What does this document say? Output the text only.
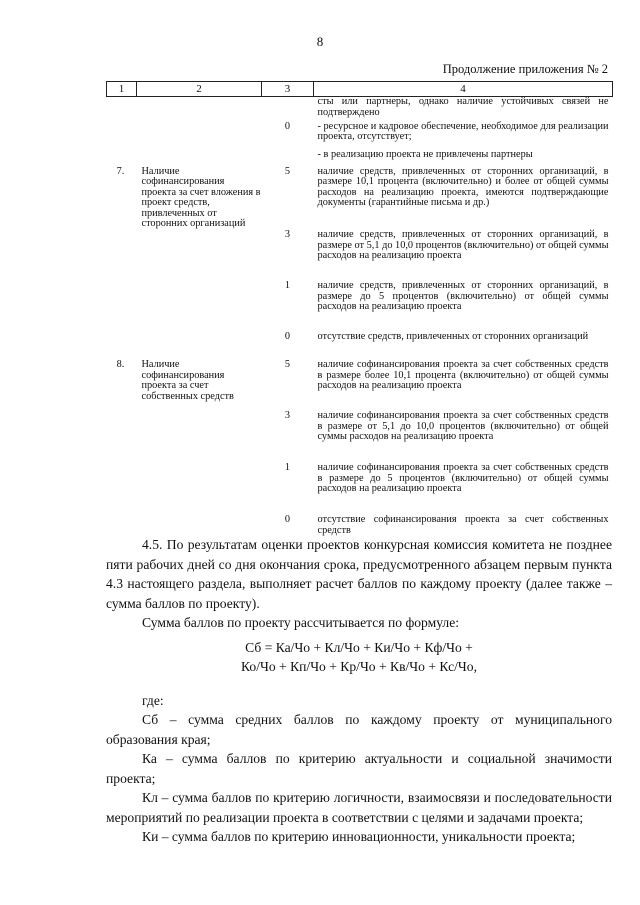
8
Продолжение приложения № 2
1	2	3	4
			сты или партнеры, однако наличие устойчивых связей не подтверждено
		0	- ресурсное и кадровое обеспечение, необходимое для реализации проекта, отсутствует;
			- в реализацию проекта не привлечены партнеры
7.	Наличие софинансирования проекта за счет вложения в проект средств, привлеченных от сторонних организаций	5	наличие средств, привлеченных от сторонних организаций, в размере 10,1 процента (включительно) и более от общей суммы расходов на реализацию проекта, имеются подтверждающие документы (гарантийные письма и др.)
		3	наличие средств, привлеченных от сторонних организаций, в размере от 5,1 до 10,0 процентов (включительно) от общей суммы расходов на реализацию проекта
		1	наличие средств, привлеченных от сторонних организаций, в размере до 5 процентов (включительно) от общей суммы расходов на реализацию проекта
		0	отсутствие средств, привлеченных от сторонних организаций
8.	Наличие софинансирования проекта за счет собственных средств	5	наличие софинансирования проекта за счет собственных средств в размере более 10,1 процента (включительно) от общей суммы расходов на реализацию проекта
		3	наличие софинансирования проекта за счет собственных средств в размере от 5,1 до 10,0 процентов (включительно) от общей суммы расходов на реализацию проекта
		1	наличие софинансирования проекта за счет собственных средств в размере до 5 процентов (включительно) от общей суммы расходов на реализацию проекта
		0	отсутствие софинансирования проекта за счет собственных средств
4.5. По результатам оценки проектов конкурсная комиссия комитета не позднее пяти рабочих дней со дня окончания срока, предусмотренного абзацем первым пункта 4.3 настоящего раздела, выполняет расчет баллов по каждому проекту (далее также – сумма баллов по проекту).
Сумма баллов по проекту рассчитывается по формуле:
Сб = Ка/Чо + Кл/Чо + Ки/Чо + Кф/Чо +
Ко/Чо + Кп/Чо + Кр/Чо + Кв/Чо + Кс/Чо,
где:
Сб – сумма средних баллов по каждому проекту от муниципального образования края;
Ка – сумма баллов по критерию актуальности и социальной значимости проекта;
Кл – сумма баллов по критерию логичности, взаимосвязи и последовательности мероприятий по реализации проекта в соответствии с целями и задачами проекта;
Ки – сумма баллов по критерию инновационности, уникальности проекта;
